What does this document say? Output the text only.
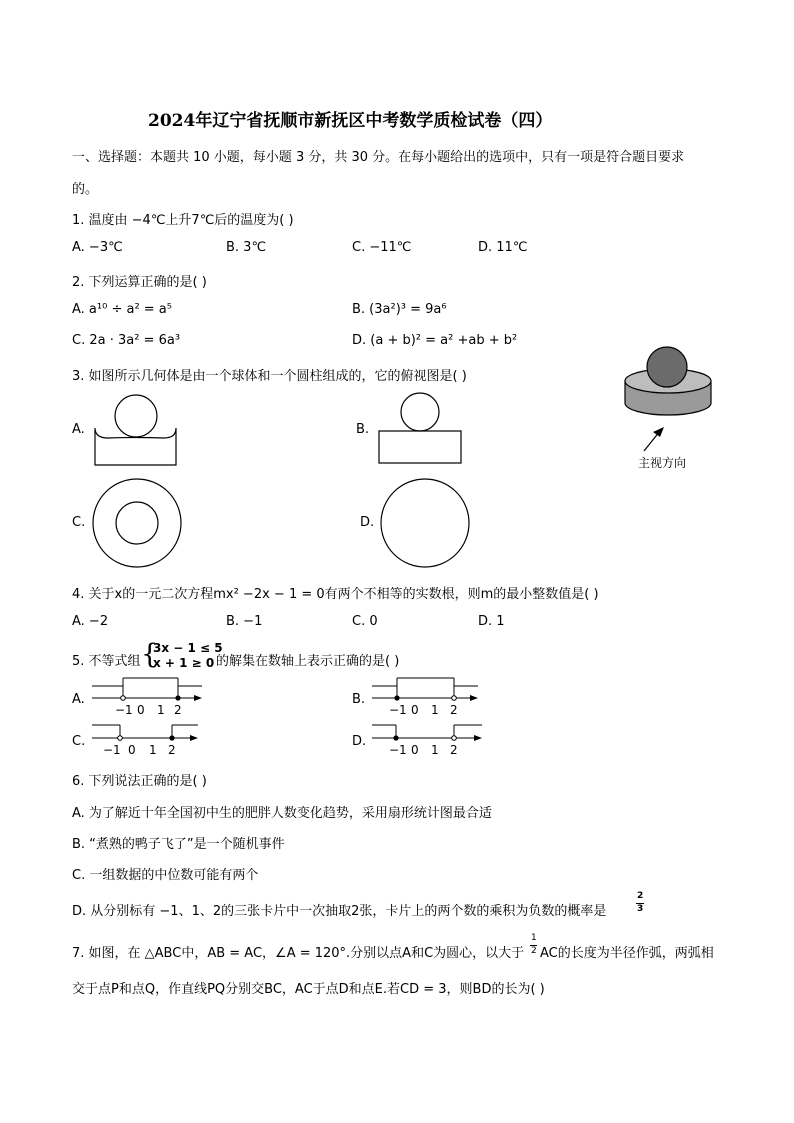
2024年辽宁省抚顺市新抚区中考数学质检试卷（四）
一、选择题：本题共 10 小题，每小题 3 分，共 30 分。在每小题给出的选项中，只有一项是符合题目要求
的。
1. 温度由 −4℃上升7℃后的温度为( )
A. −3℃	B. 3℃	C. −11℃	D. 11℃
2. 下列运算正确的是( )
A. a¹⁰ ÷ a² = a⁵	B. (3a²)³ = 9a⁶
C. 2a · 3a² = 6a³	D. (a + b)² = a² +ab + b²
3. 如图所示几何体是由一个球体和一个圆柱组成的，它的俯视图是( )
A.	B.
主视方向
C.	D.
4. 关于x的一元二次方程mx² −2x − 1 = 0有两个不相等的实数根，则m的最小整数值是( )
A. −2	B. −1	C. 0	D. 1
5. 不等式组 {
3x − 1 ≤ 5
x + 1 ≥ 0 的解集在数轴上表示正确的是( )
A.
−1 0 1 2
B.
−1 0 1 2
C.
−1 0 1 2
D.
−1 0 1 2
6. 下列说法正确的是( )
A. 为了解近十年全国初中生的肥胖人数变化趋势，采用扇形统计图最合适
B. “煮熟的鸭子飞了”是一个随机事件
C. 一组数据的中位数可能有两个
D. 从分别标有 −1、1、2的三张卡片中一次抽取2张，卡片上的两个数的乘积为负数的概率是
2
3
7. 如图，在 △ABC中，AB = AC，∠A = 120°.分别以点A和C为圆心，以大于
1
2 AC的长度为半径作弧，两弧相
交于点P和点Q，作直线PQ分别交BC，AC于点D和点E.若CD = 3，则BD的长为( )
